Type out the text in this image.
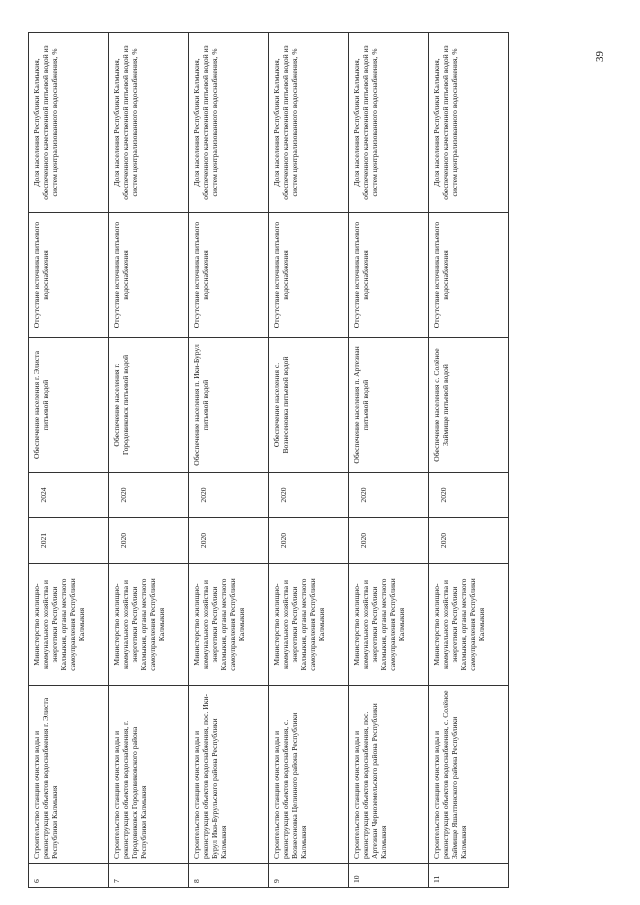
6	Строительство станции очистки воды и реконструкция объектов водоснабжения г. Элиста Республики Калмыкия	Министерство жилищно-коммунального хозяйства и энергетики Республики Калмыкия, органы местного самоуправления Республики Калмыкия	2021	2024	Обеспечение населения г. Элиста питьевой водой	Отсутствие источника питьевого водоснабжения	Доля населения Республики Калмыкия, обеспеченного качественной питьевой водой из систем централизованного водоснабжения, %
7	Строительство станции очистки воды и реконструкция объектов водоснабжения, г. Городовиковск Городовиковского района Республики Калмыкия	Министерство жилищно-коммунального хозяйства и энергетики Республики Калмыкия, органы местного самоуправления Республики Калмыкия	2020	2020	Обеспечение населения г. Городовиковск питьевой водой	Отсутствие источника питьевого водоснабжения	Доля населения Республики Калмыкия, обеспеченного качественной питьевой водой из систем централизованного водоснабжения, %
8	Строительство станции очистки воды и реконструкция объектов водоснабжения, пос. Ики-Бурул Ики-Бурульского района Республики Калмыкия	Министерство жилищно-коммунального хозяйства и энергетики Республики Калмыкия, органы местного самоуправления Республики Калмыкия	2020	2020	Обеспечение населения п. Ики-Бурул питьевой водой	Отсутствие источника питьевого водоснабжения	Доля населения Республики Калмыкия, обеспеченного качественной питьевой водой из систем централизованного водоснабжения, %
9	Строительство станции очистки воды и реконструкция объектов водоснабжения, с. Вознесеновка Целинного района Республики Калмыкия	Министерство жилищно-коммунального хозяйства и энергетики Республики Калмыкия, органы местного самоуправления Республики Калмыкия	2020	2020	Обеспечение населения с. Вознесеновка питьевой водой	Отсутствие источника питьевого водоснабжения	Доля населения Республики Калмыкия, обеспеченного качественной питьевой водой из систем централизованного водоснабжения, %
10	Строительство станции очистки воды и реконструкция объектов водоснабжения, пос. Артезиан Черноземельского района Республики Калмыкия	Министерство жилищно-коммунального хозяйства и энергетики Республики Калмыкия, органы местного самоуправления Республики Калмыкия	2020	2020	Обеспечение населения п. Артезиан питьевой водой	Отсутствие источника питьевого водоснабжения	Доля населения Республики Калмыкия, обеспеченного качественной питьевой водой из систем централизованного водоснабжения, %
11	Строительство станции очистки воды и реконструкция объектов водоснабжения, с. Солёное Займище Яшалтинского района Республики Калмыкия	Министерство жилищно-коммунального хозяйства и энергетики Республики Калмыкия, органы местного самоуправления Республики Калмыкия	2020	2020	Обеспечение населения с. Солёное Займище питьевой водой	Отсутствие источника питьевого водоснабжения	Доля населения Республики Калмыкия, обеспеченного качественной питьевой водой из систем централизованного водоснабжения, %	39
